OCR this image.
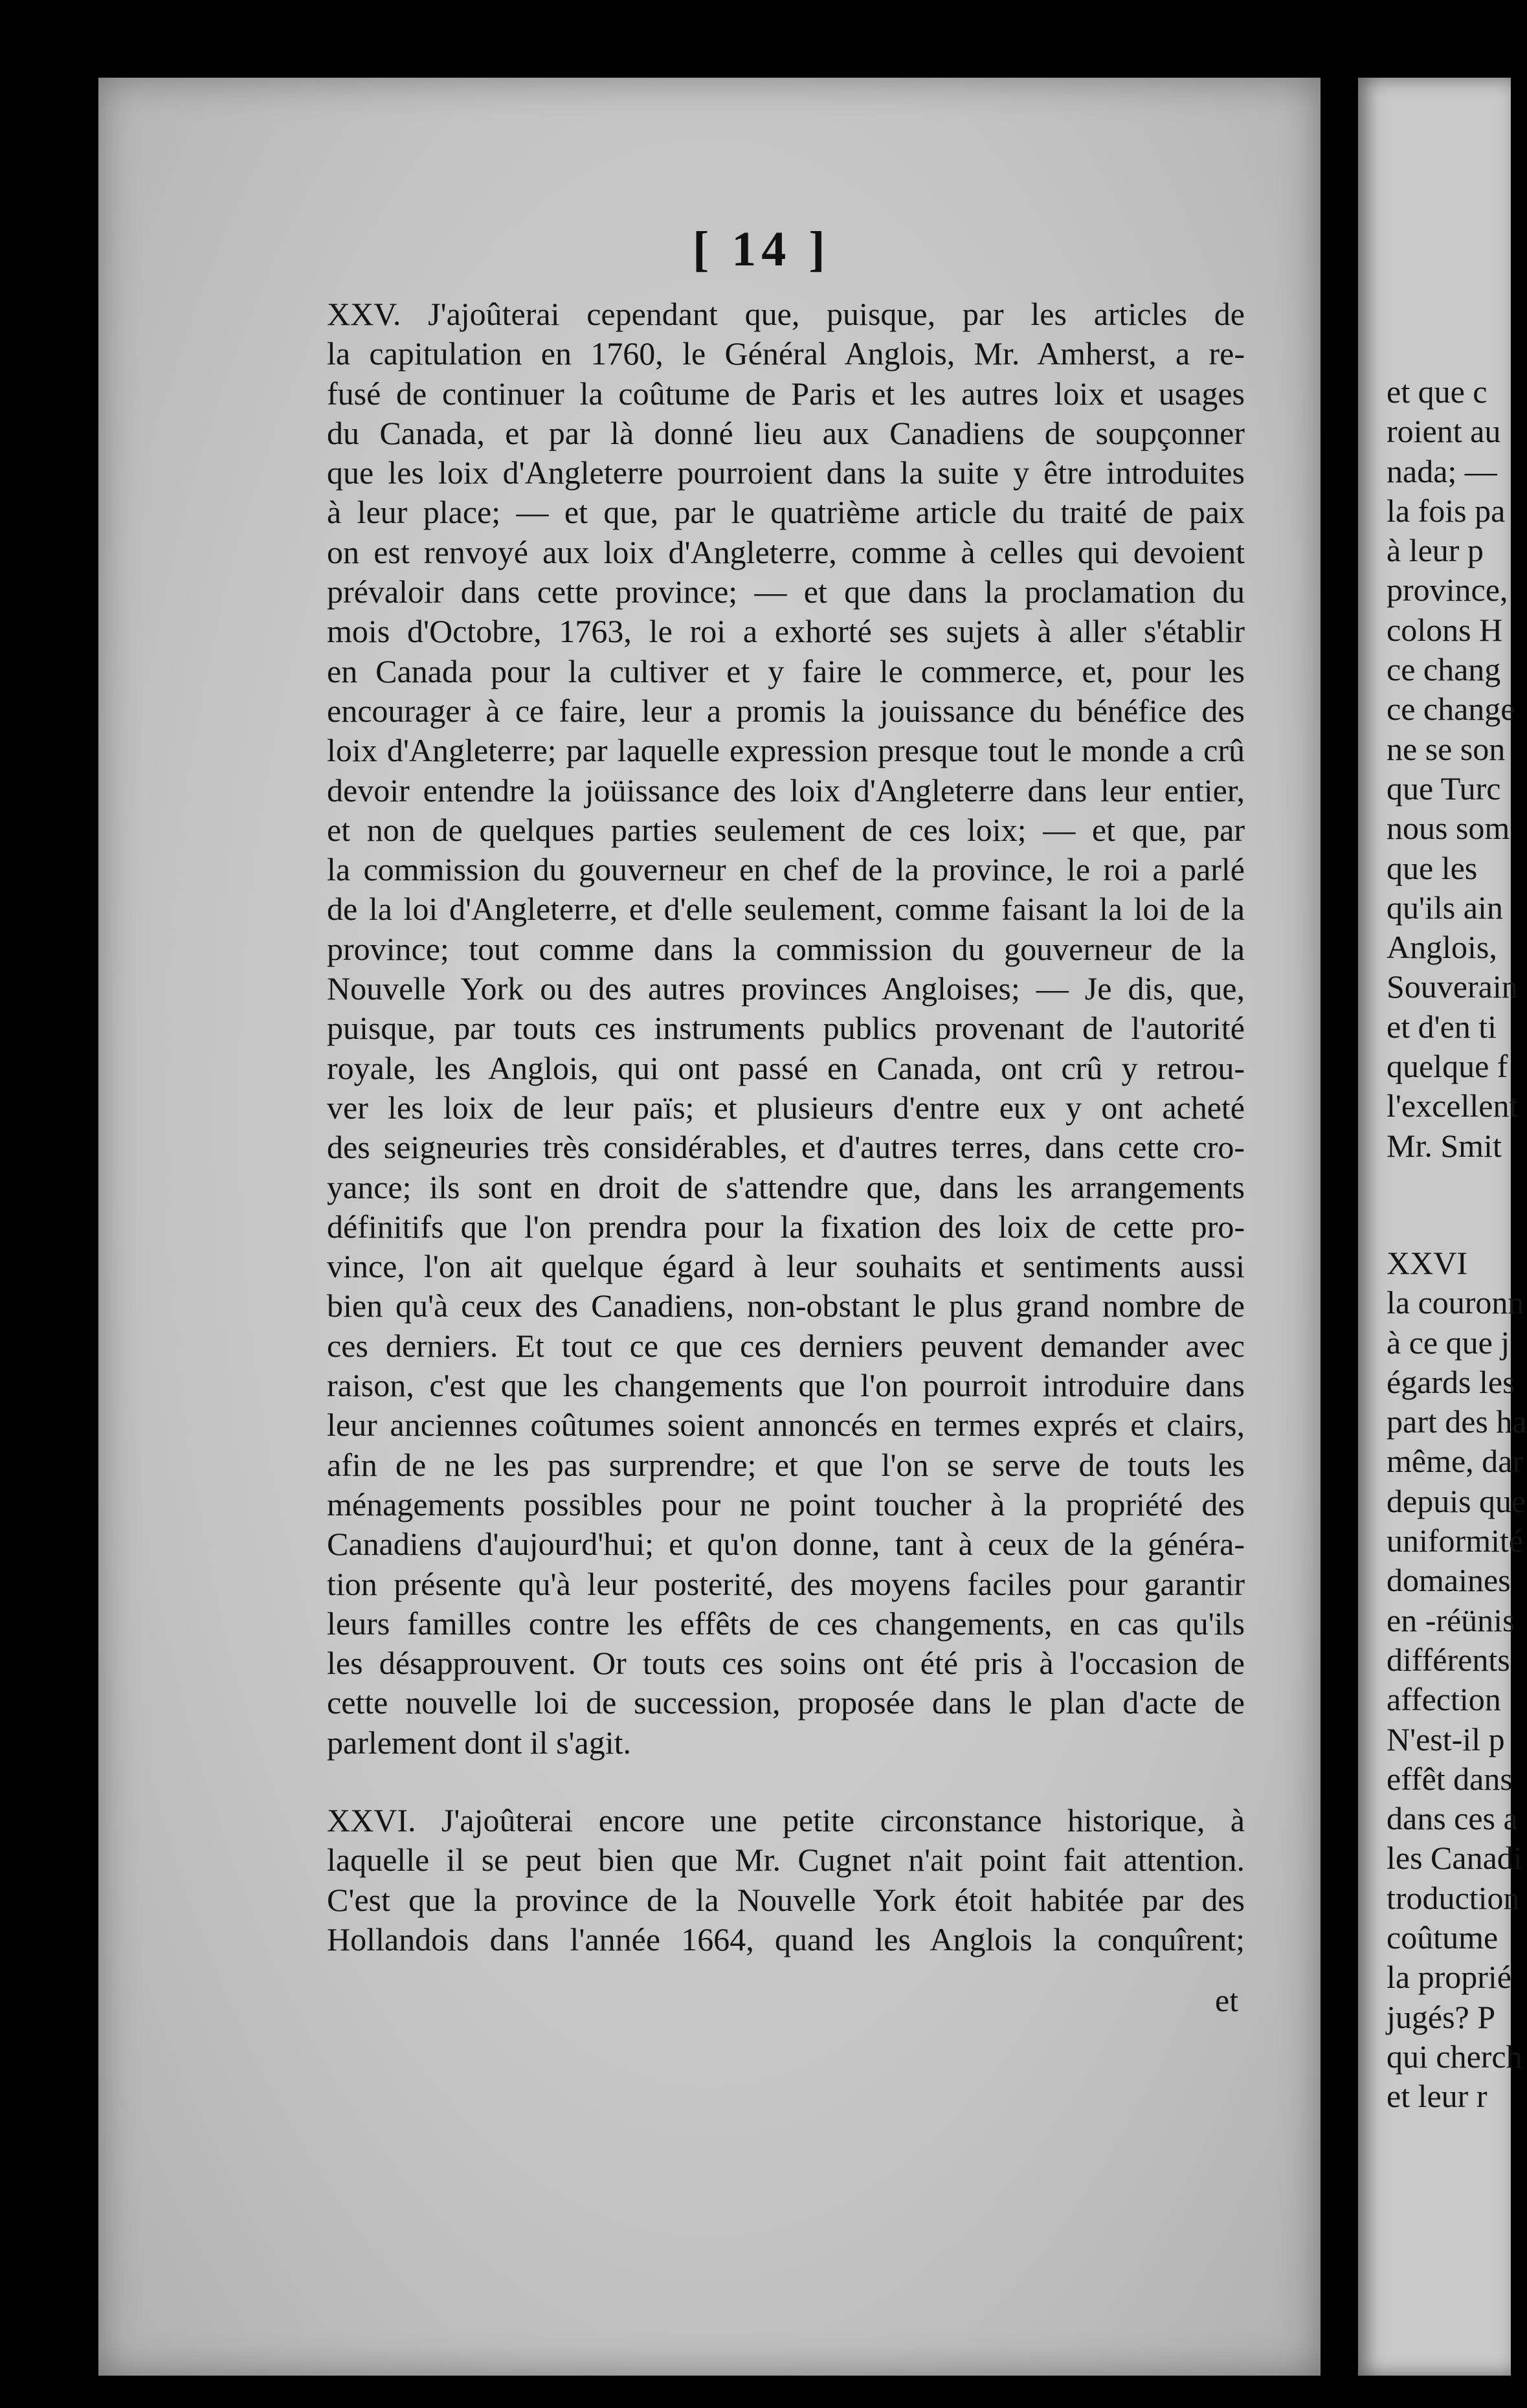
[ 14 ]
XXV. J'ajoûterai cependant que, puisque, par les articles de
la capitulation en 1760, le Général Anglois, Mr. Amherst, a re-
fusé de continuer la coûtume de Paris et les autres loix et usages
du Canada, et par là donné lieu aux Canadiens de soupçonner
que les loix d'Angleterre pourroient dans la suite y être introduites
à leur place; — et que, par le quatrième article du traité de paix
on est renvoyé aux loix d'Angleterre, comme à celles qui devoient
prévaloir dans cette province; — et que dans la proclamation du
mois d'Octobre, 1763, le roi a exhorté ses sujets à aller s'établir
en Canada pour la cultiver et y faire le commerce, et, pour les
encourager à ce faire, leur a promis la jouissance du bénéfice des
loix d'Angleterre; par laquelle expression presque tout le monde a crû
devoir entendre la joüissance des loix d'Angleterre dans leur entier,
et non de quelques parties seulement de ces loix; — et que, par
la commission du gouverneur en chef de la province, le roi a parlé
de la loi d'Angleterre, et d'elle seulement, comme faisant la loi de la
province; tout comme dans la commission du gouverneur de la
Nouvelle York ou des autres provinces Angloises; — Je dis, que,
puisque, par touts ces instruments publics provenant de l'autorité
royale, les Anglois, qui ont passé en Canada, ont crû y retrou-
ver les loix de leur païs; et plusieurs d'entre eux y ont acheté
des seigneuries très considérables, et d'autres terres, dans cette cro-
yance; ils sont en droit de s'attendre que, dans les arrangements
définitifs que l'on prendra pour la fixation des loix de cette pro-
vince, l'on ait quelque égard à leur souhaits et sentiments aussi
bien qu'à ceux des Canadiens, non-obstant le plus grand nombre de
ces derniers. Et tout ce que ces derniers peuvent demander avec
raison, c'est que les changements que l'on pourroit introduire dans
leur anciennes coûtumes soient annoncés en termes exprés et clairs,
afin de ne les pas surprendre; et que l'on se serve de touts les
ménagements possibles pour ne point toucher à la propriété des
Canadiens d'aujourd'hui; et qu'on donne, tant à ceux de la généra-
tion présente qu'à leur posterité, des moyens faciles pour garantir
leurs familles contre les effêts de ces changements, en cas qu'ils
les désapprouvent. Or touts ces soins ont été pris à l'occasion de
cette nouvelle loi de succession, proposée dans le plan d'acte de
parlement dont il s'agit.
XXVI. J'ajoûterai encore une petite circonstance historique, à
laquelle il se peut bien que Mr. Cugnet n'ait point fait attention.
C'est que la province de la Nouvelle York étoit habitée par des
Hollandois dans l'année 1664, quand les Anglois la conquîrent;
et
et que c
roient au
nada; —
la fois pa
à leur p
province,
colons H
ce chang
ce change
ne se son
que Turc
nous som
que les
qu'ils ain
Anglois,
Souverain
et d'en ti
quelque f
l'excellent
Mr. Smit
XXVI
la couronn
à ce que j
égards les
part des ha
même, dar
depuis que
uniformité
domaines
en -réünis
différents
affection
N'est-il p
effêt dans
dans ces a
les Canadi
troduction
coûtume
la proprié
jugés? P
qui cherch
et leur r
